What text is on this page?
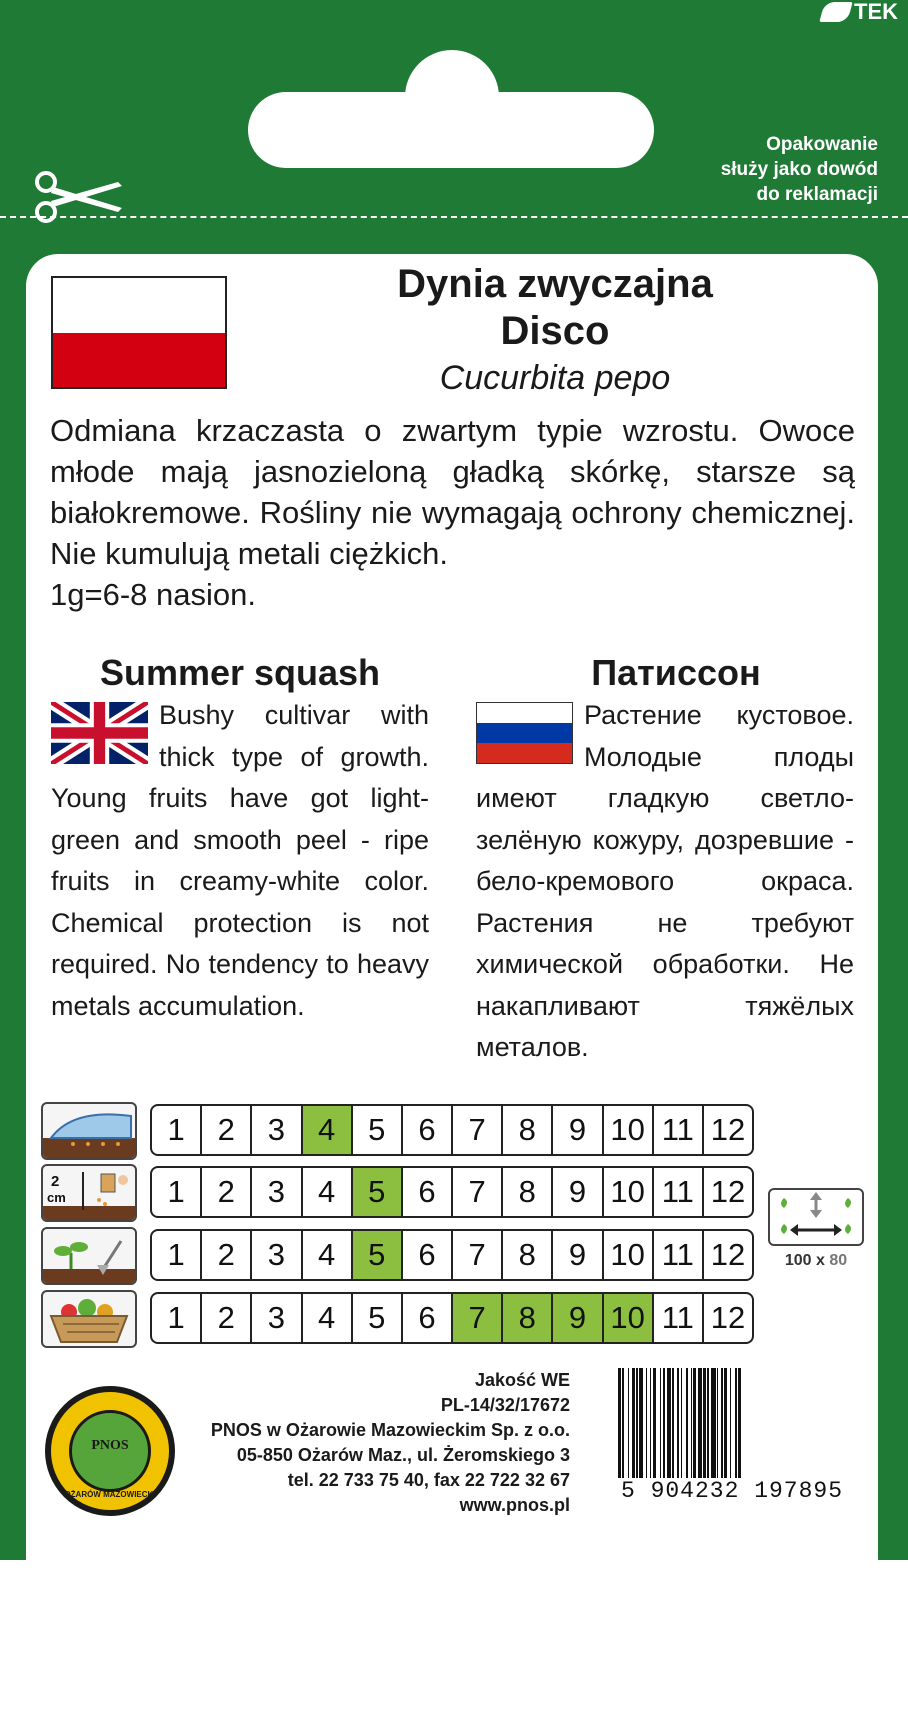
TEK
Opakowanie
służy jako dowód
do reklamacji
Dynia zwyczajna
Disco
Cucurbita pepo

Odmiana krzaczasta o zwartym typie wzrostu. Owoce młode mają jasnozieloną gładką skórkę, starsze są białokremowe. Rośliny nie wymagają ochrony chemicznej. Nie kumulują metali ciężkich.

1g=6-8 nasion.

Summer squash	Патиссон

Bushy cultivar with thick type of growth. Young fruits have got light-green and smooth peel - ripe fruits in creamy-white color. Chemical protection is not required. No tendency to heavy metals accumulation.

Растение кустовое. Молодые плоды имеют гладкую светло-зелёную кожуру, дозревшие - бело-кремового окраса. Растения не требуют химической обработки. Не накапливают тяжёлых металов.

1	2	3	4	5	6	7	8	9 10 11 12
2
cm	1	2	3	4	5	6	7	8	9 10 11 12
1	2	3	4	5	6	7	8	9 10 11 12
1	2	3	4	5	6	7	8	9 10 11 12
100 x 80
PNOS
OŻARÓW MAZOWIECKI
Jakość WE
PL-14/32/17672
PNOS w Ożarowie Mazowieckim Sp. z o.o.
05-850 Ożarów Maz., ul. Żeromskiego 3
tel. 22 733 75 40, fax 22 722 32 67
www.pnos.pl
5 904232 197895
